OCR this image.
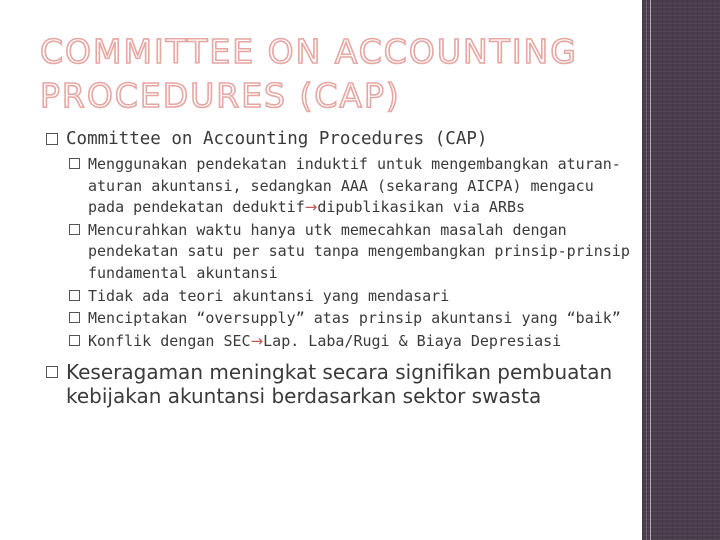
COMMITTEE ON ACCOUNTING
PROCEDURES (CAP)
Committee on Accounting Procedures (CAP)
Menggunakan pendekatan induktif untuk mengembangkan aturan-aturan akuntansi, sedangkan AAA (sekarang AICPA) mengacu pada pendekatan deduktif→dipublikasikan via ARBs
Mencurahkan waktu hanya utk memecahkan masalah dengan pendekatan satu per satu tanpa mengembangkan prinsip-prinsip fundamental akuntansi
Tidak ada teori akuntansi yang mendasari
Menciptakan “oversupply” atas prinsip akuntansi yang “baik”
Konflik dengan SEC→Lap. Laba/Rugi & Biaya Depresiasi
Keseragaman meningkat secara signifikan pembuatan kebijakan akuntansi berdasarkan sektor swasta
